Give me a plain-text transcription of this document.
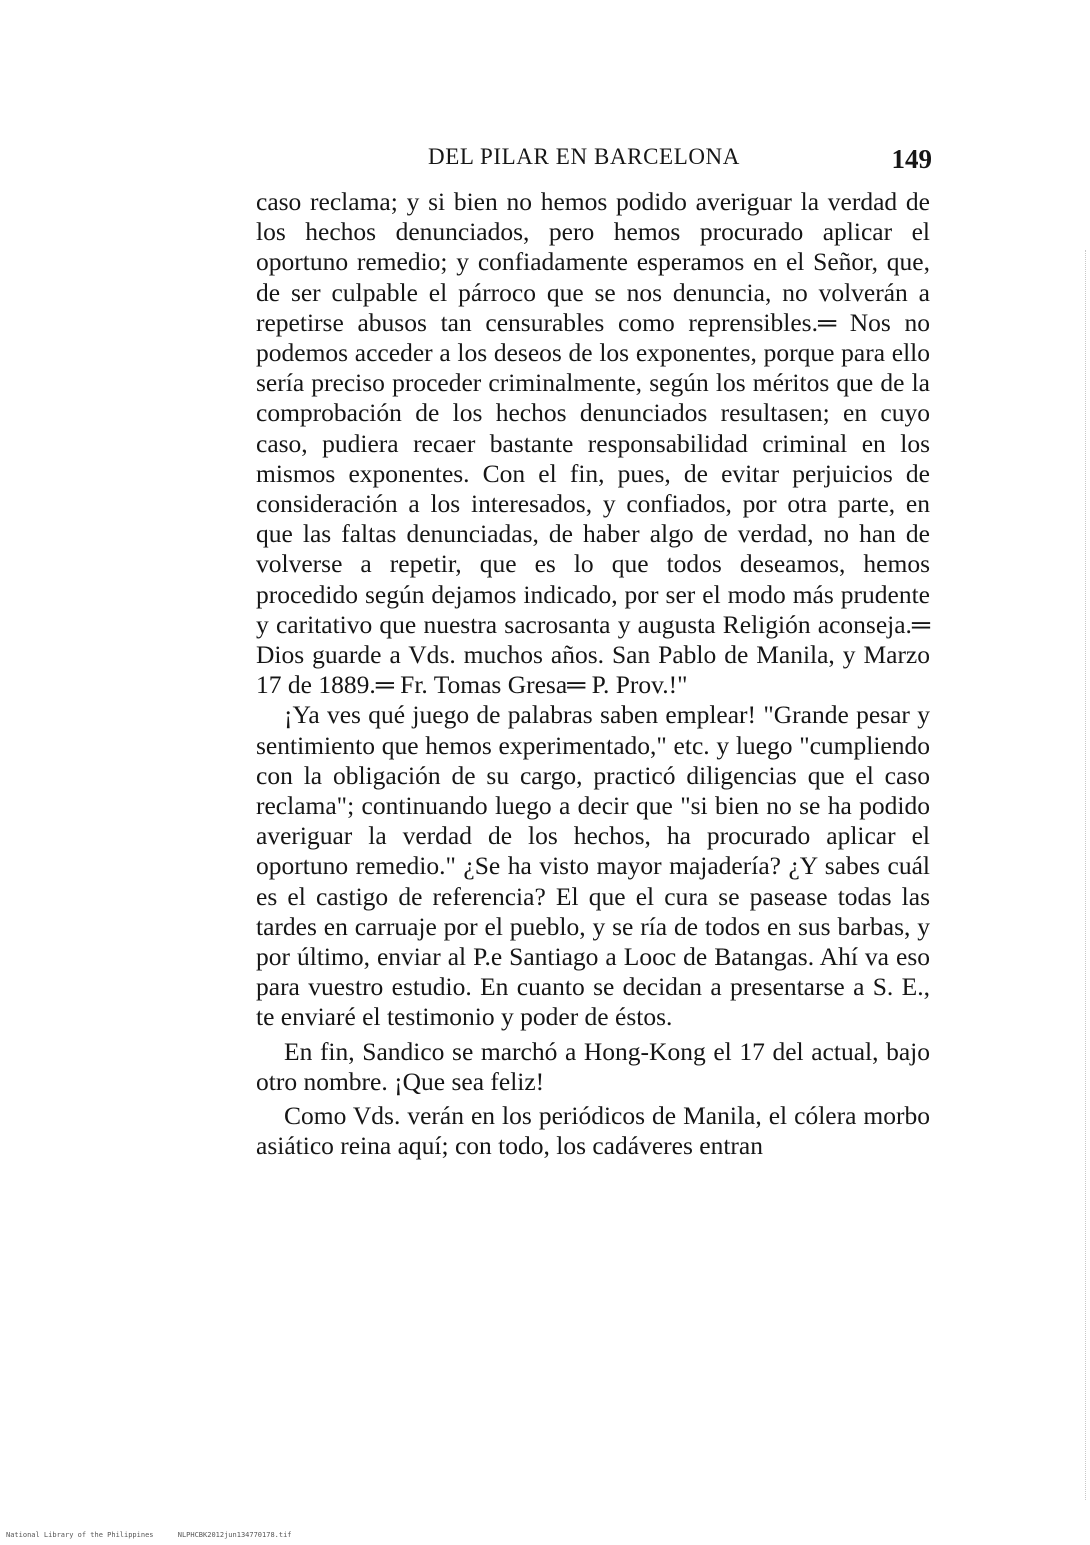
DEL PILAR EN BARCELONA	149

caso reclama; y si bien no hemos podido averiguar la verdad de los hechos denunciados, pero hemos procurado aplicar el oportuno remedio; y confiadamente esperamos en el Señor, que, de ser culpable el párroco que se nos denuncia, no volverán a repetirse abusos tan censurables como reprensibles.═ Nos no podemos acceder a los deseos de los exponentes, porque para ello sería preciso proceder criminalmente, según los méritos que de la comprobación de los hechos denunciados resultasen; en cuyo caso, pudiera recaer bastante responsabilidad criminal en los mismos exponentes. Con el fin, pues, de evitar perjuicios de consideración a los interesados, y confiados, por otra parte, en que las faltas denunciadas, de haber algo de verdad, no han de volverse a repetir, que es lo que todos deseamos, hemos procedido según dejamos indicado, por ser el modo más prudente y caritativo que nuestra sacrosanta y augusta Religión aconseja.═ Dios guarde a Vds. muchos años. San Pablo de Manila, y Marzo 17 de 1889.═ Fr. Tomas Gresa═ P. Prov.!"

¡Ya ves qué juego de palabras saben emplear! "Grande pesar y sentimiento que hemos experimentado," etc. y luego "cumpliendo con la obligación de su cargo, practicó diligencias que el caso reclama"; continuando luego a decir que "si bien no se ha podido averiguar la verdad de los hechos, ha procurado aplicar el oportuno remedio." ¿Se ha visto mayor majadería? ¿Y sabes cuál es el castigo de referencia? El que el cura se pasease todas las tardes en carruaje por el pueblo, y se ría de todos en sus barbas, y por último, enviar al P.e Santiago a Looc de Batangas. Ahí va eso para vuestro estudio. En cuanto se decidan a presentarse a S. E., te enviaré el testimonio y poder de éstos.

En fin, Sandico se marchó a Hong-Kong el 17 del actual, bajo otro nombre. ¡Que sea feliz!

Como Vds. verán en los periódicos de Manila, el cólera morbo asiático reina aquí; con todo, los cadáveres entran

National Library of the Philippines	NLPHCBK2012jun134770178.tif
